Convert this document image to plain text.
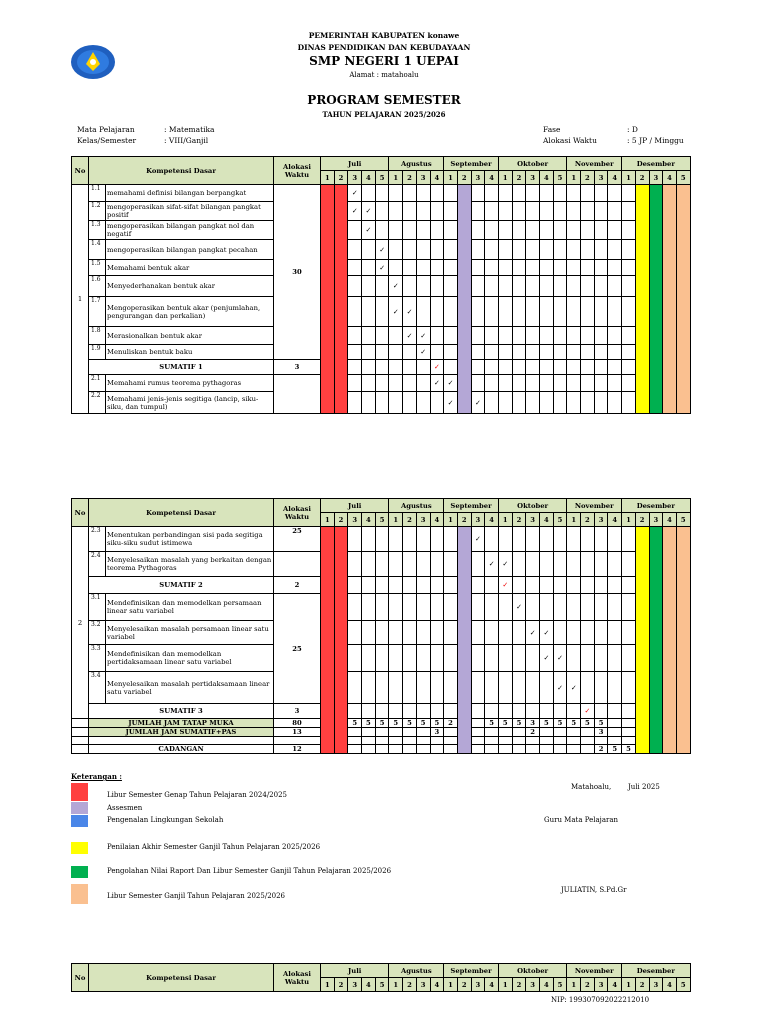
PEMERINTAH KABUPATEN konawe
DINAS PENDIDIKAN DAN KEBUDAYAAN
SMP NEGERI 1 UEPAI
Alamat : matahoalu
PROGRAM SEMESTER
TAHUN PELAJARAN 2025/2026
Mata Pelajaran	: Matematika
Kelas/Semester	: VIII/Ganjil
Fase	: D
Alokasi Waktu	: 5 JP / Minggu
No	Kompetensi Dasar		Alokasi Waktu	Juli					Agustus				September				Oktober					November				Desember				
				1	2	3	4	5	1	2	3	4	1	2	3	4	1	2	3	4	5	1	2	3	4	1	2	3	4	5
1	1.1	memahami definisi bilangan berpangkat	30			✓																								
	1.2	mengoperasikan sifat-sifat bilangan pangkat positif				✓	✓																							
	1.3	mengoperasikan bilangan pangkat nol dan negatif					✓																							
	1.4	mengoperasikan bilangan pangkat pecahan						✓																						
	1.5	Memahami bentuk akar						✓																						
	1.6	Menyederhanakan bentuk akar							✓																					
	1.7	Mengoperasikan bentuk akar (penjumlahan, pengurangan dan perkalian)							✓	✓																				
	1.8	Merasionalkan bentuk akar								✓	✓																			
	1.9	Menuliskan bentuk baku									✓																			
	SUMATIF 1		3									✓																		
	2.1	Memahami rumus teorema pythagoras										✓	✓																	
	2.2	Memahami jenis-jenis segitiga (lancip, siku-siku, dan tumpul)											✓		✓															
No	Kompetensi Dasar		Alokasi Waktu	Juli					Agustus				September				Oktober					November				Desember				
				1	2	3	4	5	1	2	3	4	1	2	3	4	1	2	3	4	5	1	2	3	4	1	2	3	4	5
2	2.3	Menentukan perbandingan sisi pada segitiga siku-siku sudut istimewa	25												✓															
	2.4	Menyelesaikan masalah yang berkaitan dengan teorema Pythagoras														✓	✓													
	SUMATIF 2		2														✓													
	3.1	Mendefinisikan dan memodelkan persamaan linear satu variabel	25															✓												
	3.2	Menyelesaikan masalah persamaan linear satu variabel																	✓	✓										
	3.3	Mendefinisikan dan memodelkan pertidaksamaan linear satu variabel																		✓	✓									
	3.4	Menyelesaikan masalah pertidaksamaan linear satu variabel																			✓	✓								
	SUMATIF 3		3																				✓							
	JUMLAH JAM TATAP MUKA		80			5	5	5	5	5	5	5	2			5	5	5	3	5	5	5	5	5						
	JUMLAH JAM SUMATIF+PAS		13									3							2					3						

	CADANGAN		12																					2	5	5				
No	Kompetensi Dasar	Alokasi Waktu	Juli					Agustus				September				Oktober					November				Desember				
			1	2	3	4	5	1	2	3	4	1	2	3	4	1	2	3	4	5	1	2	3	4	1	2	3	4	5
Keterangan :
Libur Semester Genap Tahun Pelajaran 2024/2025
Assesmen
Pengenalan Lingkungan Sekolah
Penilaian Akhir Semester Ganjil Tahun Pelajaran 2025/2026
Pengolahan Nilai Raport Dan Libur Semester Ganjil Tahun Pelajaran 2025/2026
Libur Semester Ganjil Tahun Pelajaran 2025/2026
Matahoalu, Juli 2025
Guru Mata Pelajaran
JULIATIN, S.Pd.Gr
NIP: 199307092022212010
